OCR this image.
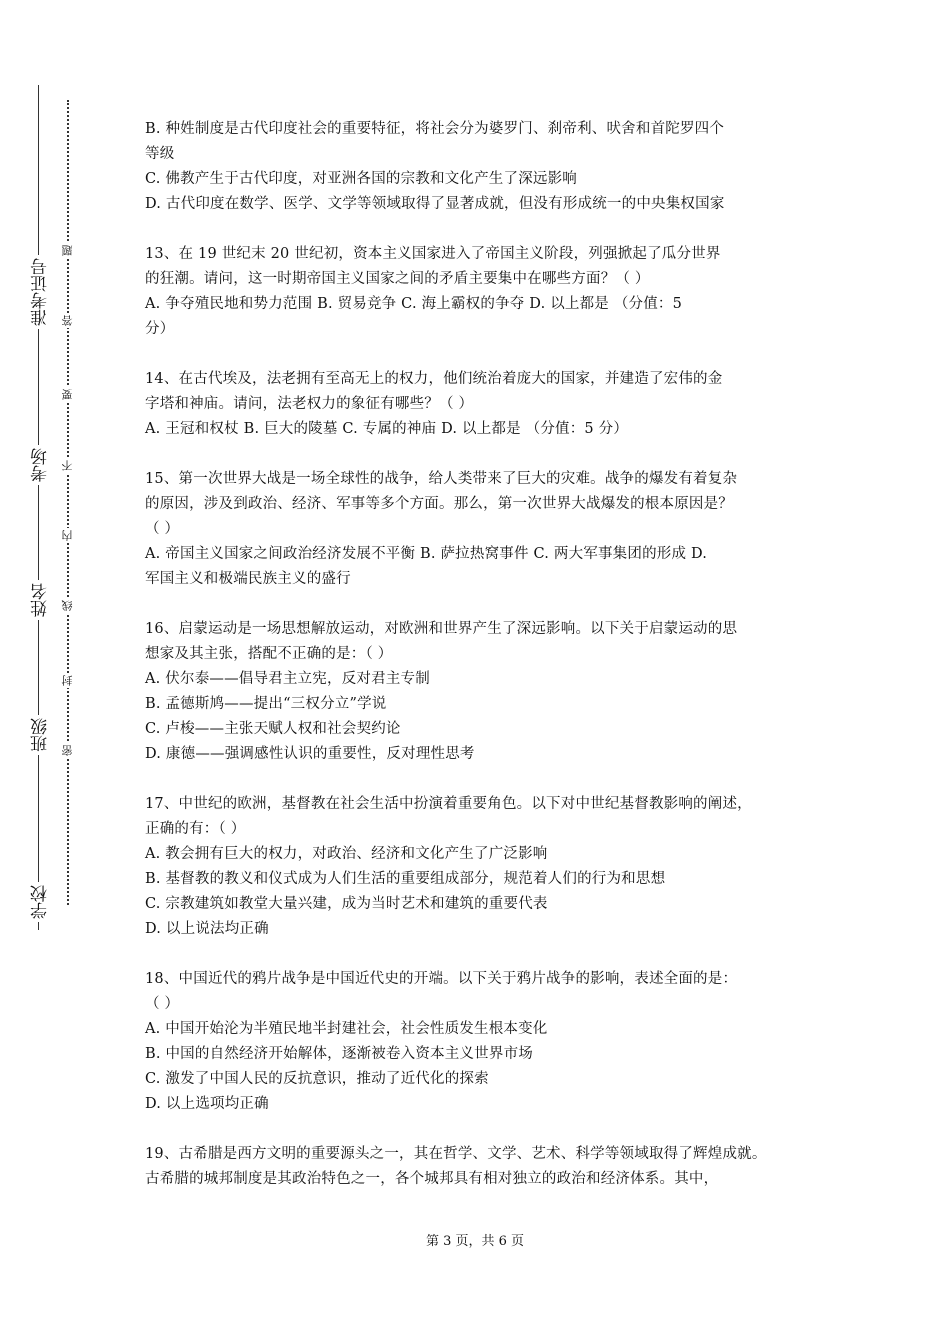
准考证号
考场
姓名
班级
学校
题
答
要
不
内
线
封
密
B. 种姓制度是古代印度社会的重要特征，将社会分为婆罗门、刹帝利、吠舍和首陀罗四个
等级
C. 佛教产生于古代印度，对亚洲各国的宗教和文化产生了深远影响
D. 古代印度在数学、医学、文学等领域取得了显著成就，但没有形成统一的中央集权国家
13、在 19 世纪末 20 世纪初，资本主义国家进入了帝国主义阶段，列强掀起了瓜分世界
的狂潮。请问，这一时期帝国主义国家之间的矛盾主要集中在哪些方面？（ ）
A. 争夺殖民地和势力范围 B. 贸易竞争 C. 海上霸权的争夺 D. 以上都是 （分值：5
分）
14、在古代埃及，法老拥有至高无上的权力，他们统治着庞大的国家，并建造了宏伟的金
字塔和神庙。请问，法老权力的象征有哪些？（ ）
A. 王冠和权杖 B. 巨大的陵墓 C. 专属的神庙 D. 以上都是 （分值：5 分）
15、第一次世界大战是一场全球性的战争，给人类带来了巨大的灾难。战争的爆发有着复杂
的原因，涉及到政治、经济、军事等多个方面。那么，第一次世界大战爆发的根本原因是？
（ ）
A. 帝国主义国家之间政治经济发展不平衡 B. 萨拉热窝事件 C. 两大军事集团的形成 D.
军国主义和极端民族主义的盛行
16、启蒙运动是一场思想解放运动，对欧洲和世界产生了深远影响。以下关于启蒙运动的思
想家及其主张，搭配不正确的是：（ ）
A. 伏尔泰——倡导君主立宪，反对君主专制
B. 孟德斯鸠——提出“三权分立”学说
C. 卢梭——主张天赋人权和社会契约论
D. 康德——强调感性认识的重要性，反对理性思考
17、中世纪的欧洲，基督教在社会生活中扮演着重要角色。以下对中世纪基督教影响的阐述，
正确的有：（ ）
A. 教会拥有巨大的权力，对政治、经济和文化产生了广泛影响
B. 基督教的教义和仪式成为人们生活的重要组成部分，规范着人们的行为和思想
C. 宗教建筑如教堂大量兴建，成为当时艺术和建筑的重要代表
D. 以上说法均正确
18、中国近代的鸦片战争是中国近代史的开端。以下关于鸦片战争的影响，表述全面的是：
（ ）
A. 中国开始沦为半殖民地半封建社会，社会性质发生根本变化
B. 中国的自然经济开始解体，逐渐被卷入资本主义世界市场
C. 激发了中国人民的反抗意识，推动了近代化的探索
D. 以上选项均正确
19、古希腊是西方文明的重要源头之一，其在哲学、文学、艺术、科学等领域取得了辉煌成就。
古希腊的城邦制度是其政治特色之一，各个城邦具有相对独立的政治和经济体系。其中，
第 3 页，共 6 页
